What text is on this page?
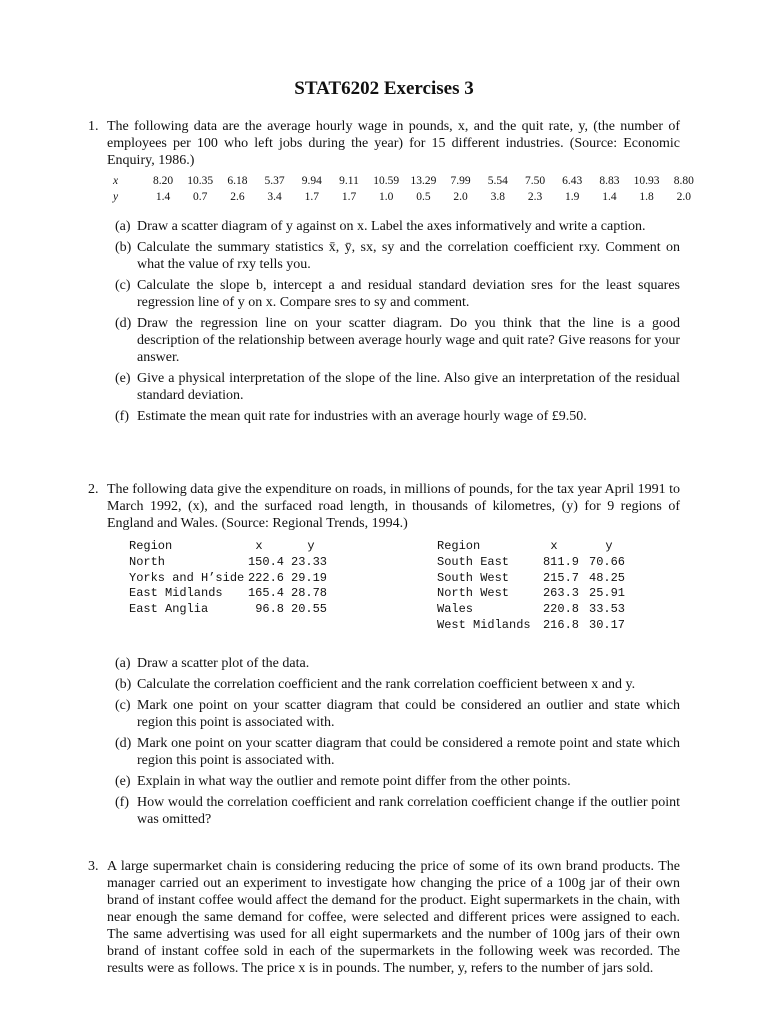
STAT6202 Exercises 3
1. The following data are the average hourly wage in pounds, x, and the quit rate, y, (the number of employees per 100 who left jobs during the year) for 15 different industries. (Source: Economic Enquiry, 1986.)

x	8.20	10.35	6.18	5.37	9.94	9.11	10.59 13.29	7.99	5.54	7.50	6.43	8.83	10.93	8.80
y	1.4	0.7	2.6	3.4	1.7	1.7	1.0	0.5	2.0	3.8	2.3	1.9	1.4	1.8	2.0
(a) Draw a scatter diagram of y against on x. Label the axes informatively and write a caption.
(b) Calculate the summary statistics x̄, ȳ, sx, sy and the correlation coefficient rxy. Comment on what the value of rxy tells you.
(c) Calculate the slope b, intercept a and residual standard deviation sres for the least squares regression line of y on x. Compare sres to sy and comment.
(d) Draw the regression line on your scatter diagram. Do you think that the line is a good description of the relationship between average hourly wage and quit rate? Give reasons for your answer.
(e) Give a physical interpretation of the slope of the line. Also give an interpretation of the residual standard deviation.
(f) Estimate the mean quit rate for industries with an average hourly wage of £9.50.
2. The following data give the expenditure on roads, in millions of pounds, for the tax year April 1991 to March 1992, (x), and the surfaced road length, in thousands of kilometres, (y) for 9 regions of England and Wales. (Source: Regional Trends, 1994.)

Region	x	y
North	150.4 23.33
Yorks and H’side 222.6 29.19
East Midlands	165.4 28.78
East Anglia	96.8 20.55
Region	x	y
South East	811.9 70.66
South West	215.7 48.25
North West	263.3 25.91
Wales	220.8 33.53
West Midlands	216.8 30.17
(a) Draw a scatter plot of the data.
(b) Calculate the correlation coefficient and the rank correlation coefficient between x and y.
(c) Mark one point on your scatter diagram that could be considered an outlier and state which region this point is associated with.
(d) Mark one point on your scatter diagram that could be considered a remote point and state which region this point is associated with.
(e) Explain in what way the outlier and remote point differ from the other points.
(f) How would the correlation coefficient and rank correlation coefficient change if the outlier point was omitted?
3. A large supermarket chain is considering reducing the price of some of its own brand products. The manager carried out an experiment to investigate how changing the price of a 100g jar of their own brand of instant coffee would affect the demand for the product. Eight supermarkets in the chain, with near enough the same demand for coffee, were selected and different prices were assigned to each. The same advertising was used for all eight supermarkets and the number of 100g jars of their own brand of instant coffee sold in each of the supermarkets in the following week was recorded. The results were as follows. The price x is in pounds. The number, y, refers to the number of jars sold.
